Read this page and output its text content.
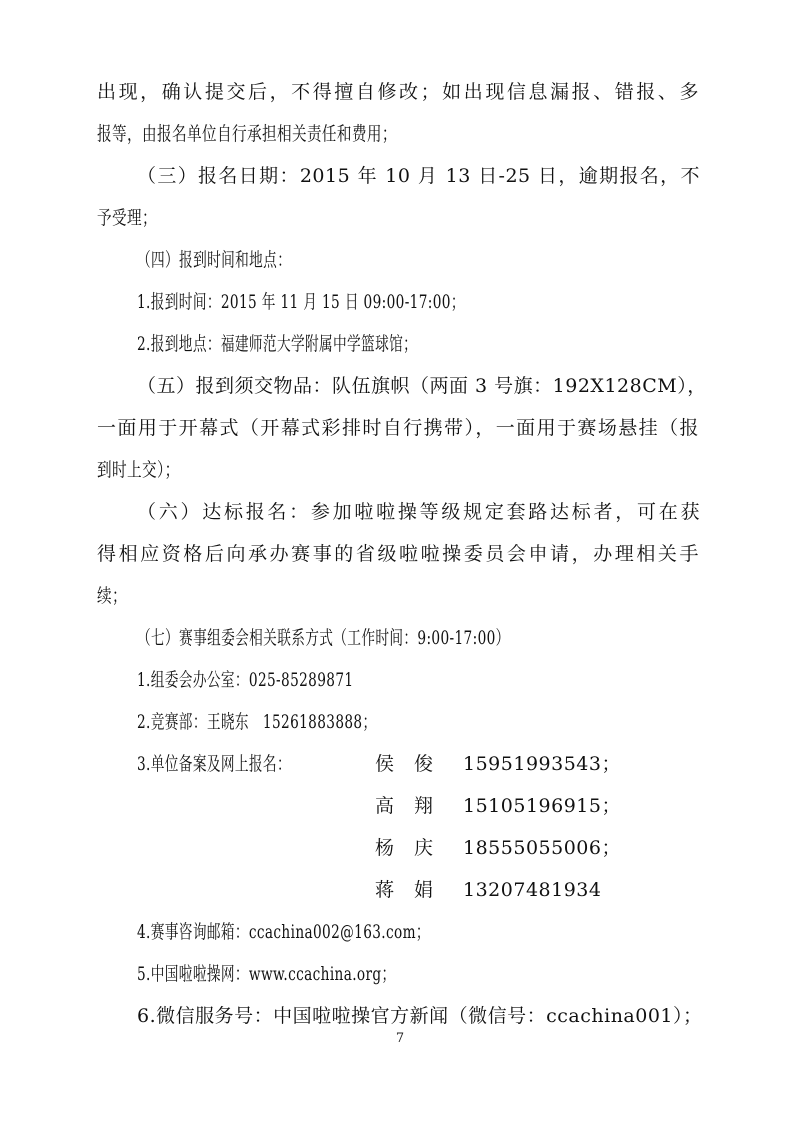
出现，确认提交后，不得擅自修改；如出现信息漏报、错报、多
报等，由报名单位自行承担相关责任和费用；
（三）报名日期：2015 年 10 月 13 日-25 日，逾期报名，不
予受理；
（四）报到时间和地点：
1.报到时间：2015 年 11 月 15 日 09:00-17:00；
2.报到地点：福建师范大学附属中学篮球馆；
（五）报到须交物品：队伍旗帜（两面 3 号旗：192X128CM），
一面用于开幕式（开幕式彩排时自行携带），一面用于赛场悬挂（报
到时上交）；
（六）达标报名：参加啦啦操等级规定套路达标者，可在获
得相应资格后向承办赛事的省级啦啦操委员会申请，办理相关手
续；
（七）赛事组委会相关联系方式（工作时间：9:00-17:00）
1.组委会办公室：025-85289871
2.竞赛部：王晓东　15261883888；
3.单位备案及网上报名：	侯　俊 15951993543；
高　翔 15105196915；
杨　庆 18555055006；
蒋　娟 13207481934
4.赛事咨询邮箱：ccachina002@163.com；
5.中国啦啦操网：www.ccachina.org；
6.微信服务号：中国啦啦操官方新闻（微信号：ccachina001）；
7
